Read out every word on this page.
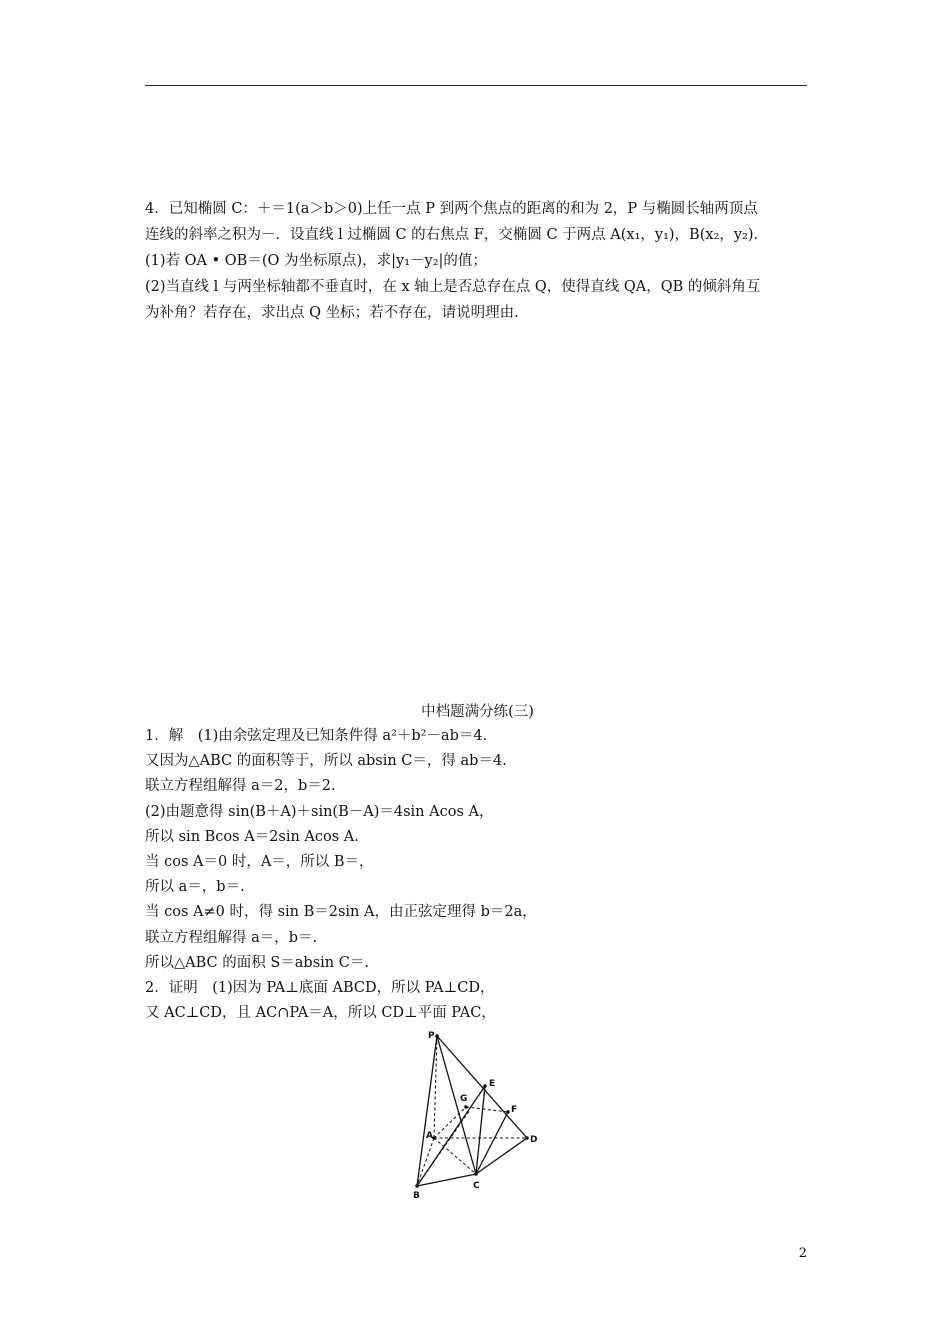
4．已知椭圆 C：＋＝1(a＞b＞0)上任一点 P 到两个焦点的距离的和为 2，P 与椭圆长轴两顶点
连线的斜率之积为－．设直线 l 过椭圆 C 的右焦点 F，交椭圆 C 于两点 A(x₁，y₁)，B(x₂，y₂)．
(1)若 OA • OB＝(O 为坐标原点)，求|y₁－y₂|的值；
(2)当直线 l 与两坐标轴都不垂直时，在 x 轴上是否总存在点 Q，使得直线 QA，QB 的倾斜角互
为补角？若存在，求出点 Q 坐标；若不存在，请说明理由.
中档题满分练(三)
1．解　(1)由余弦定理及已知条件得 a²＋b²－ab＝4.
又因为△ABC 的面积等于，所以 absin C＝，得 ab＝4.
联立方程组解得 a＝2，b＝2.
(2)由题意得 sin(B＋A)＋sin(B－A)＝4sin Acos A，
所以 sin Bcos A＝2sin Acos A.
当 cos A＝0 时，A＝，所以 B＝，
所以 a＝，b＝.
当 cos A≠0 时，得 sin B＝2sin A，由正弦定理得 b＝2a，
联立方程组解得 a＝，b＝.
所以△ABC 的面积 S＝absin C＝.
2．证明　(1)因为 PA⊥底面 ABCD，所以 PA⊥CD，
又 AC⊥CD，且 AC∩PA＝A，所以 CD⊥平面 PAC，
P
E
G
F
A	D
C
B
2
